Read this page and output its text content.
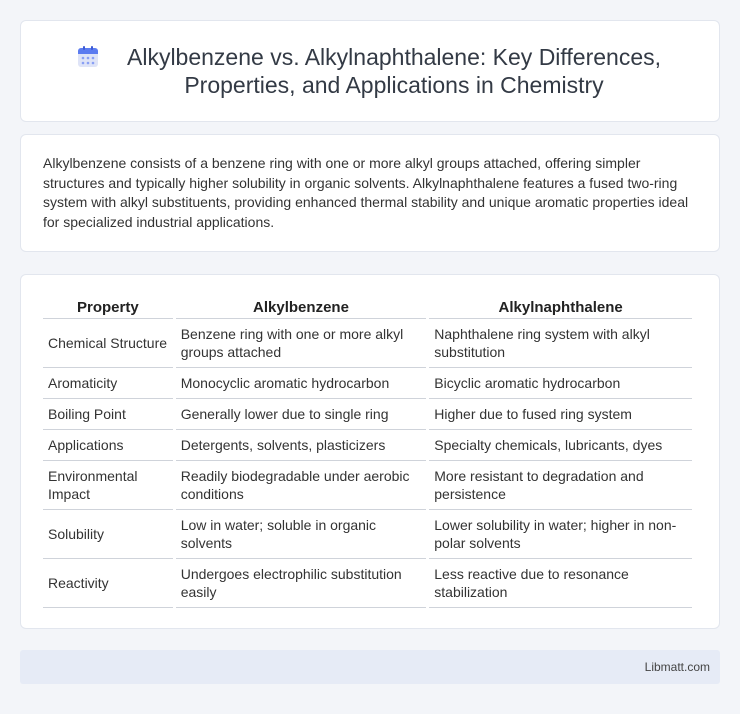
Alkylbenzene vs. Alkylnaphthalene: Key Differences, Properties, and Applications in Chemistry

Alkylbenzene consists of a benzene ring with one or more alkyl groups attached, offering simpler structures and typically higher solubility in organic solvents. Alkylnaphthalene features a fused two-ring system with alkyl substituents, providing enhanced thermal stability and unique aromatic properties ideal for specialized industrial applications.

Property	Alkylbenzene	Alkylnaphthalene
Chemical Structure	Benzene ring with one or more alkyl groups attached	Naphthalene ring system with alkyl substitution
Aromaticity	Monocyclic aromatic hydrocarbon	Bicyclic aromatic hydrocarbon
Boiling Point	Generally lower due to single ring	Higher due to fused ring system
Applications	Detergents, solvents, plasticizers	Specialty chemicals, lubricants, dyes
Environmental Impact	Readily biodegradable under aerobic conditions	More resistant to degradation and persistence
Solubility	Low in water; soluble in organic solvents	Lower solubility in water; higher in non-polar solvents
Reactivity	Undergoes electrophilic substitution easily	Less reactive due to resonance stabilization
Libmatt.com
